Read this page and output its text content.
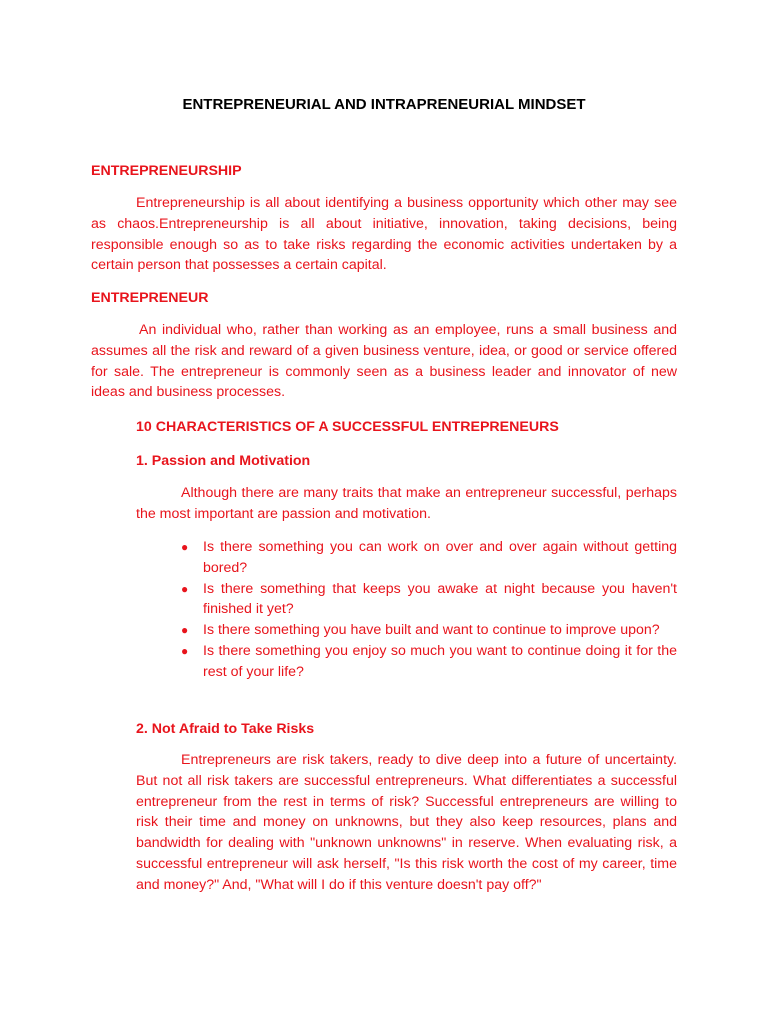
ENTREPRENEURIAL AND INTRAPRENEURIAL MINDSET
ENTREPRENEURSHIP
Entrepreneurship is all about identifying a business opportunity which other may see as chaos.Entrepreneurship is all about initiative, innovation, taking decisions, being responsible enough so as to take risks regarding the economic activities undertaken by a certain person that possesses a certain capital.
ENTREPRENEUR
An individual who, rather than working as an employee, runs a small business and assumes all the risk and reward of a given business venture, idea, or good or service offered for sale. The entrepreneur is commonly seen as a business leader and innovator of new ideas and business processes.
10 CHARACTERISTICS OF A SUCCESSFUL ENTREPRENEURS
1. Passion and Motivation
Although there are many traits that make an entrepreneur successful, perhaps the most important are passion and motivation.
● Is there something you can work on over and over again without getting bored?
● Is there something that keeps you awake at night because you haven't finished it yet?
● Is there something you have built and want to continue to improve upon?
● Is there something you enjoy so much you want to continue doing it for the rest of your life?
2. Not Afraid to Take Risks
Entrepreneurs are risk takers, ready to dive deep into a future of uncertainty. But not all risk takers are successful entrepreneurs. What differentiates a successful entrepreneur from the rest in terms of risk? Successful entrepreneurs are willing to risk their time and money on unknowns, but they also keep resources, plans and bandwidth for dealing with "unknown unknowns" in reserve. When evaluating risk, a successful entrepreneur will ask herself, "Is this risk worth the cost of my career, time and money?" And, "What will I do if this venture doesn't pay off?"
